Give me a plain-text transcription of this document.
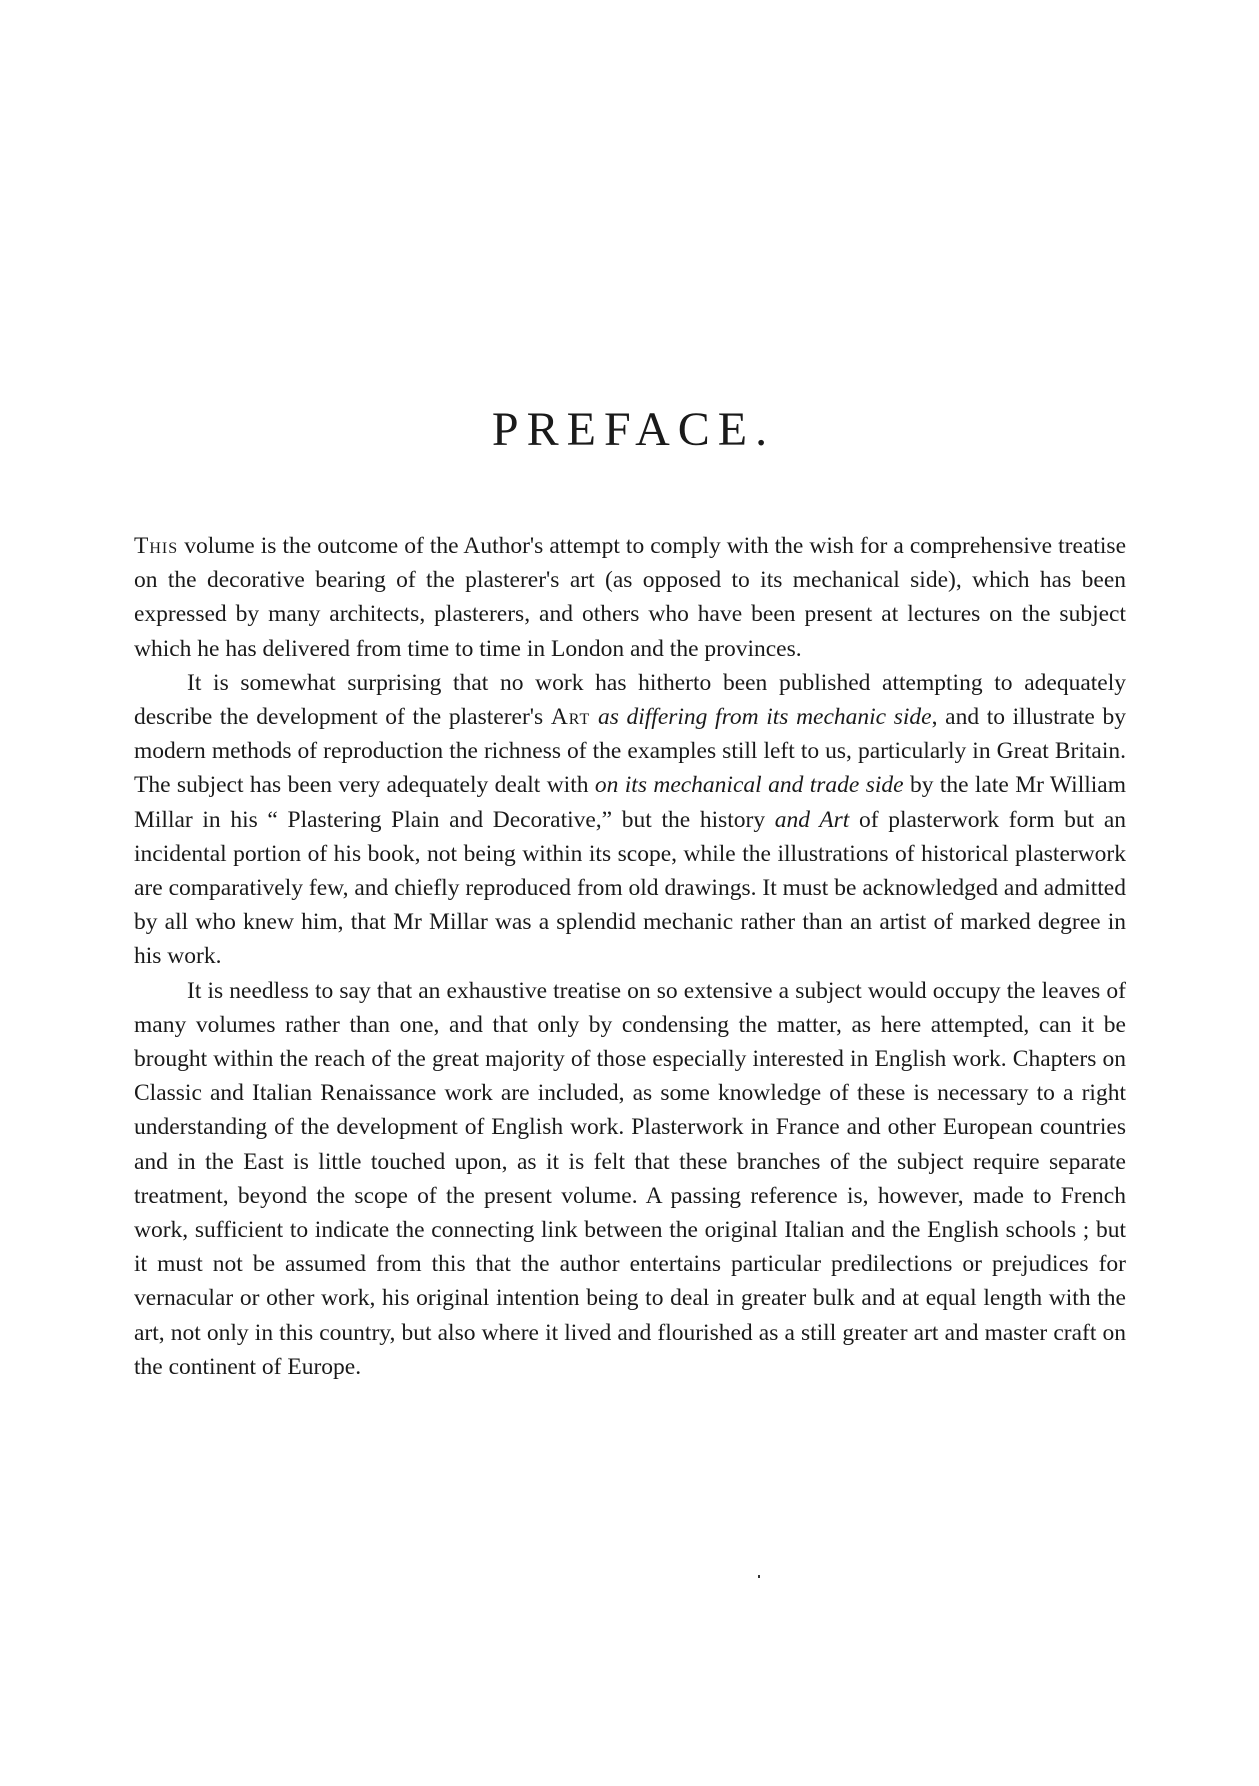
PREFACE.

This volume is the outcome of the Author's attempt to comply with the wish for a comprehensive treatise on the decorative bearing of the plasterer's art (as opposed to its mechanical side), which has been expressed by many architects, plasterers, and others who have been present at lectures on the subject which he has delivered from time to time in London and the provinces.

It is somewhat surprising that no work has hitherto been published attempting to adequately describe the development of the plasterer's Art as differing from its mechanic side, and to illustrate by modern methods of reproduction the richness of the examples still left to us, particularly in Great Britain. The subject has been very adequately dealt with on its mechanical and trade side by the late Mr William Millar in his “ Plastering Plain and Decorative,” but the history and Art of plasterwork form but an incidental portion of his book, not being within its scope, while the illustrations of historical plasterwork are comparatively few, and chiefly reproduced from old drawings. It must be acknowledged and admitted by all who knew him, that Mr Millar was a splendid mechanic rather than an artist of marked degree in his work.

It is needless to say that an exhaustive treatise on so extensive a subject would occupy the leaves of many volumes rather than one, and that only by condensing the matter, as here attempted, can it be brought within the reach of the great majority of those especially interested in English work. Chapters on Classic and Italian Renaissance work are included, as some knowledge of these is necessary to a right understanding of the development of English work. Plasterwork in France and other European countries and in the East is little touched upon, as it is felt that these branches of the subject require separate treatment, beyond the scope of the present volume. A passing reference is, however, made to French work, sufficient to indicate the connecting link between the original Italian and the English schools ; but it must not be assumed from this that the author entertains particular predilections or prejudices for vernacular or other work, his original intention being to deal in greater bulk and at equal length with the art, not only in this country, but also where it lived and flourished as a still greater art and master craft on the continent of Europe.
